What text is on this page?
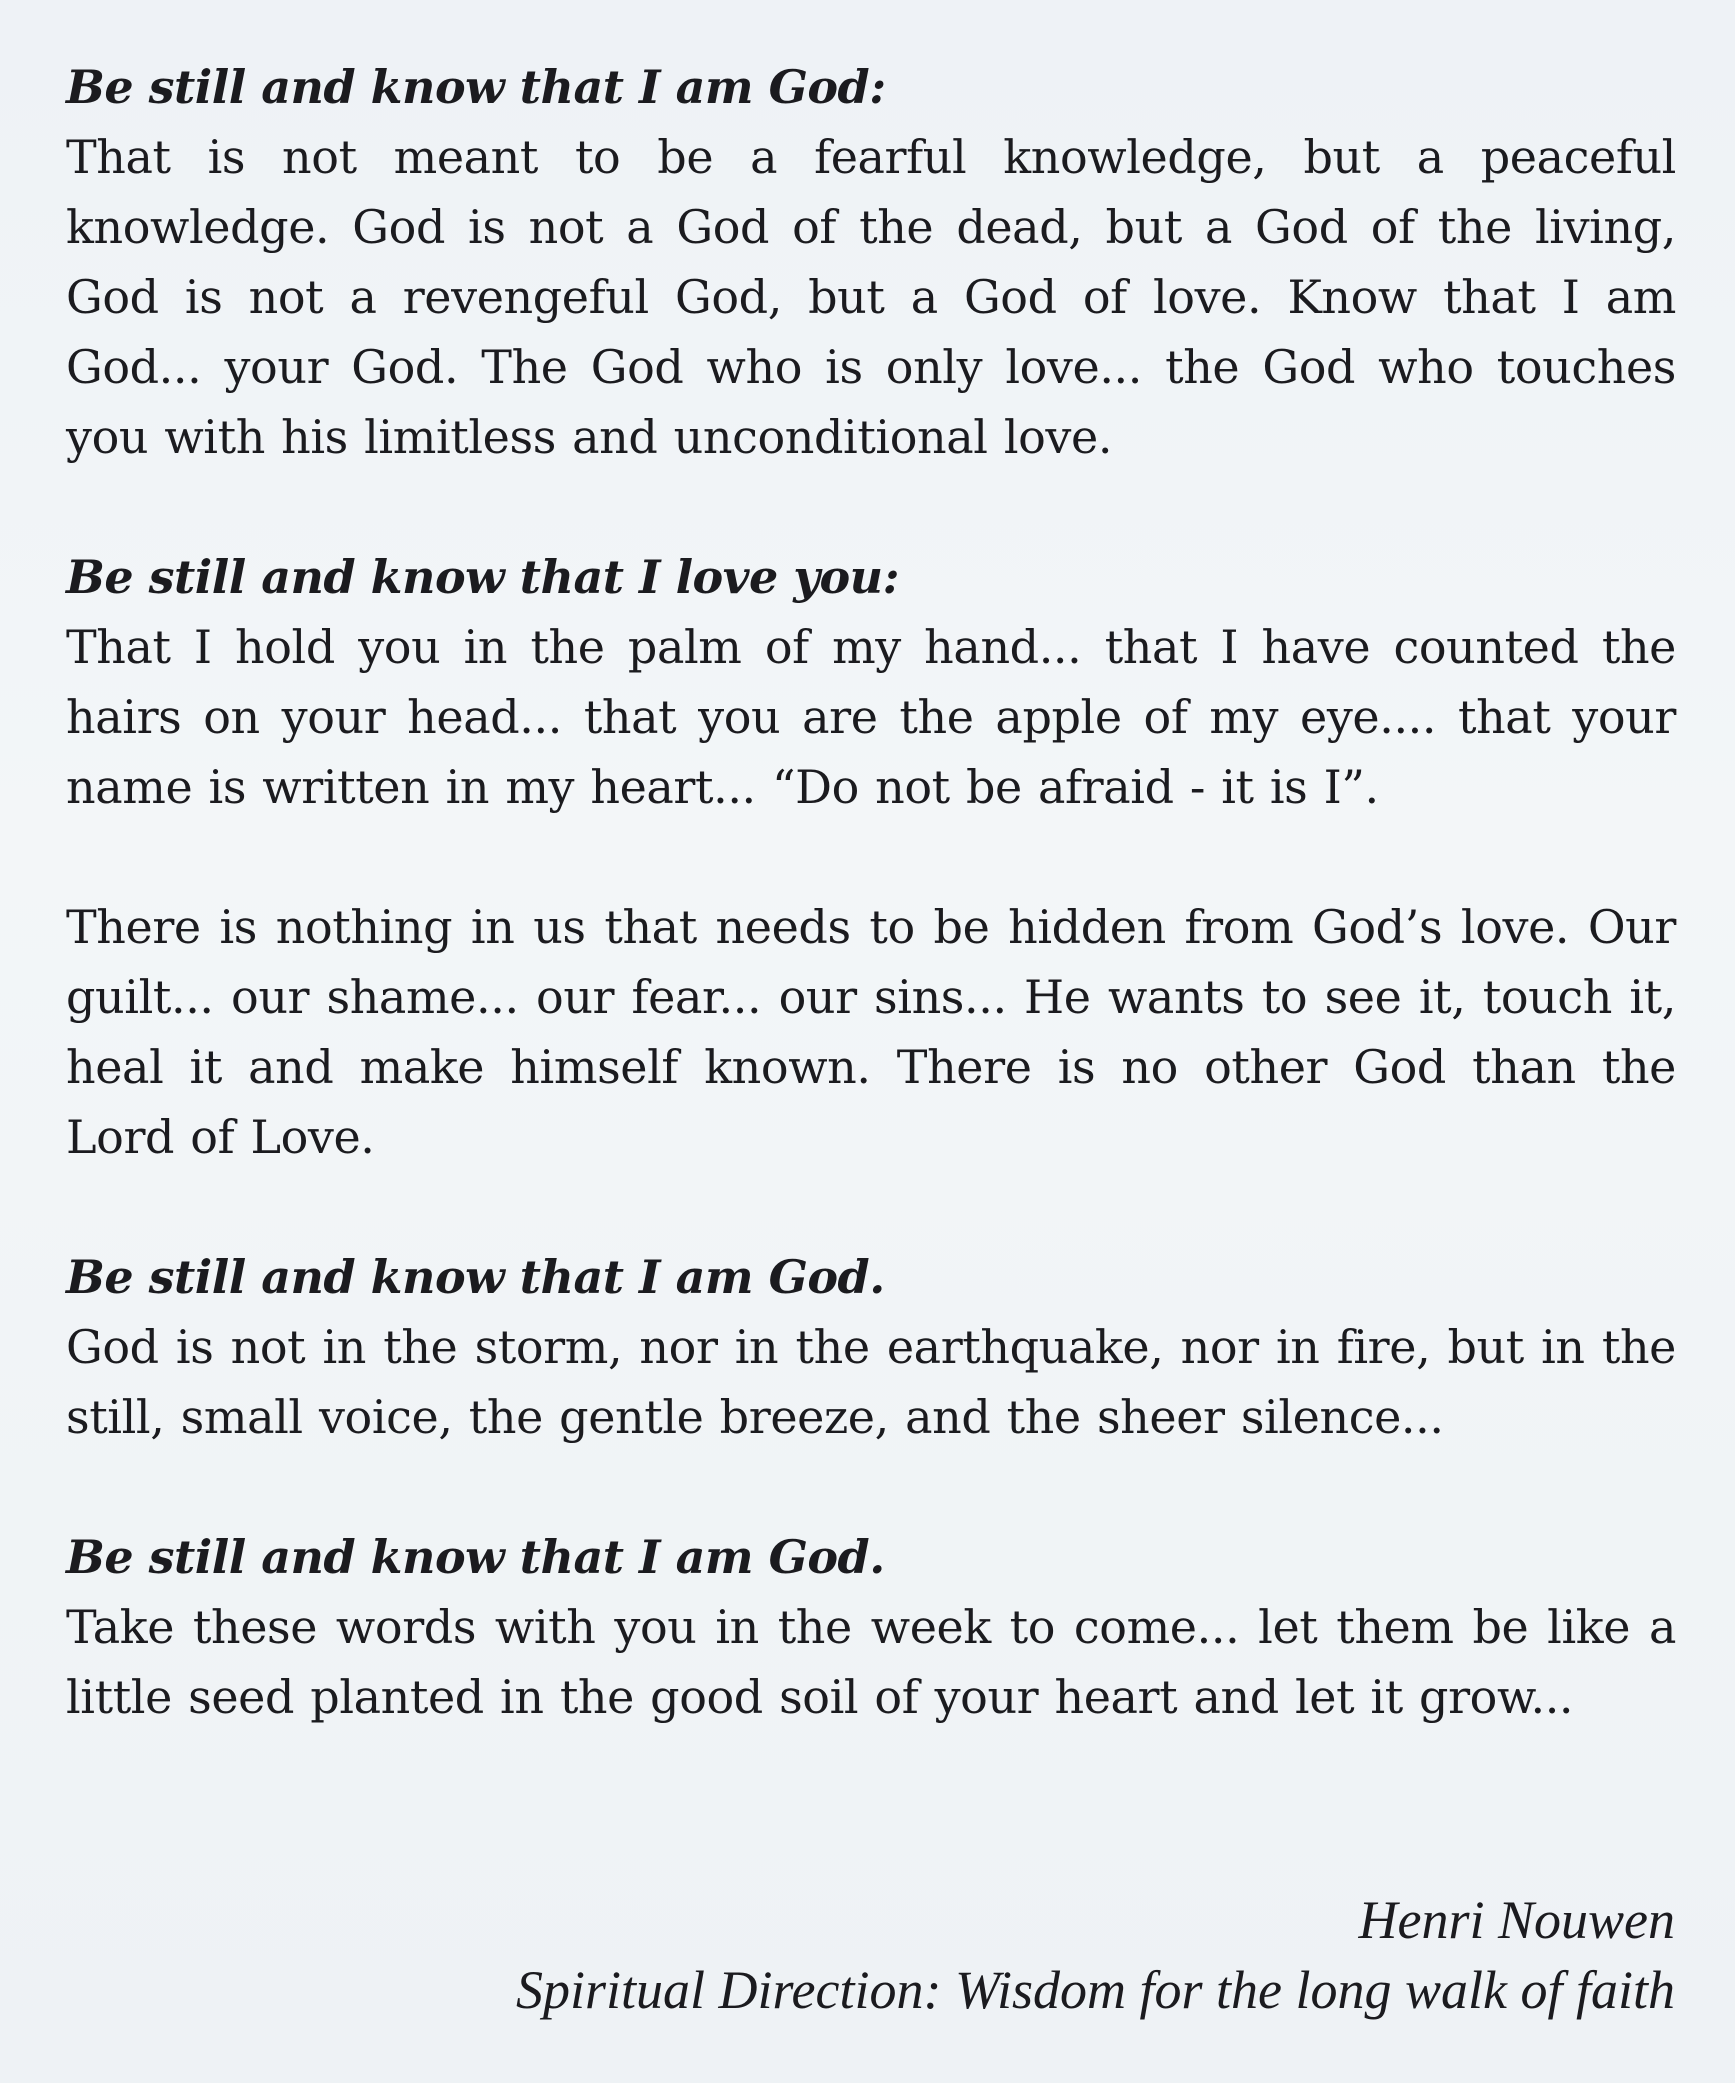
Be still and know that I am God:

That is not meant to be a fearful knowledge, but a peaceful knowledge. God is not a God of the dead, but a God of the living, God is not a revengeful God, but a God of love. Know that I am God... your God. The God who is only love... the God who touches you with his limitless and unconditional love.

Be still and know that I love you:

That I hold you in the palm of my hand... that I have counted the hairs on your head... that you are the apple of my eye.... that your name is written in my heart... “Do not be afraid - it is I”.

There is nothing in us that needs to be hidden from God’s love. Our guilt... our shame... our fear... our sins... He wants to see it, touch it, heal it and make himself known. There is no other God than the Lord of Love.

Be still and know that I am God.

God is not in the storm, nor in the earthquake, nor in fire, but in the still, small voice, the gentle breeze, and the sheer silence...

Be still and know that I am God.

Take these words with you in the week to come... let them be like a little seed planted in the good soil of your heart and let it grow...

Henri Nouwen
Spiritual Direction: Wisdom for the long walk of faith
